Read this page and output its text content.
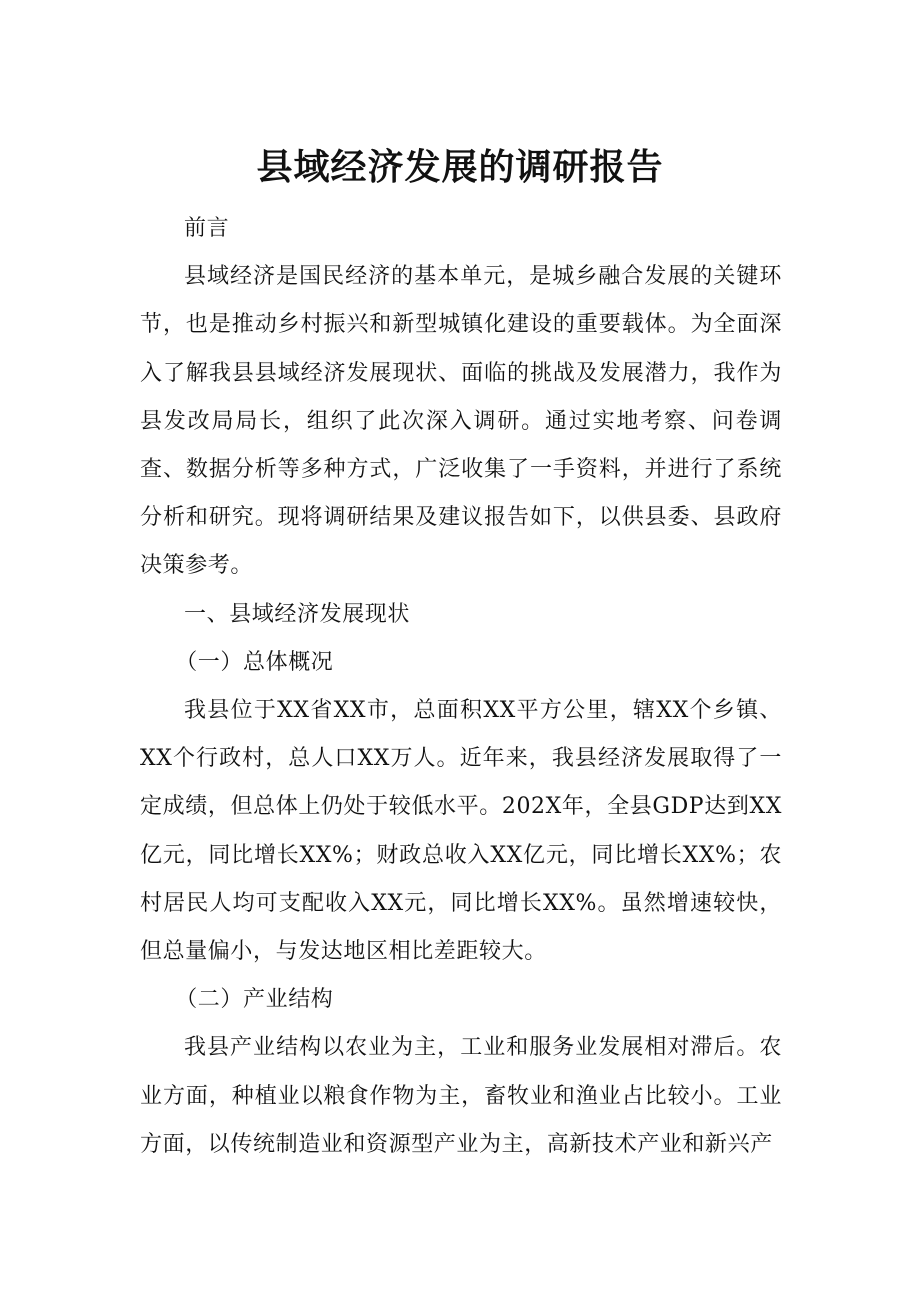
县域经济发展的调研报告

前言

县域经济是国民经济的基本单元，是城乡融合发展的关键环节，也是推动乡村振兴和新型城镇化建设的重要载体。为全面深入了解我县县域经济发展现状、面临的挑战及发展潜力，我作为县发改局局长，组织了此次深入调研。通过实地考察、问卷调查、数据分析等多种方式，广泛收集了一手资料，并进行了系统分析和研究。现将调研结果及建议报告如下，以供县委、县政府决策参考。

一、县域经济发展现状

（一）总体概况

我县位于XX省XX市，总面积XX平方公里，辖XX个乡镇、XX个行政村，总人口XX万人。近年来，我县经济发展取得了一定成绩，但总体上仍处于较低水平。202X年，全县GDP达到XX亿元，同比增长XX%；财政总收入XX亿元，同比增长XX%；农村居民人均可支配收入XX元，同比增长XX%。虽然增速较快，但总量偏小，与发达地区相比差距较大。

（二）产业结构

我县产业结构以农业为主，工业和服务业发展相对滞后。农业方面，种植业以粮食作物为主，畜牧业和渔业占比较小。工业方面，以传统制造业和资源型产业为主，高新技术产业和新兴产
